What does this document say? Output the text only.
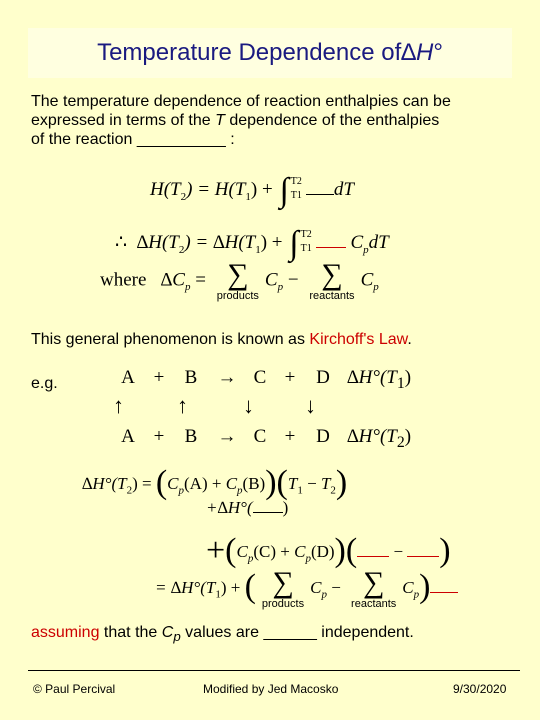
Temperature Dependence of ∆ H °
The temperature dependence of reaction enthalpies can be
expressed in terms of the T dependence of the enthalpies
of the reaction __________ :
$H(T_2) = H(T_1)$ + ∫ T2
T1 dT
∴ $\Delta H(T_2) = \Delta H(T_1)$ + ∫ T2
T1 $C_pdT$
where $\Delta C_p$ = ∑
products
$C_p$ − ∑
reactants
$C_p$
This general phenomenon is known as Kirchoff's Law.
e.g.	A +	B	→ C +	D $\Delta H^\circ(T_1)$
↑ ↑	↓ ↓
A +	B	→ C +	D $\Delta H^\circ(T_2)$
$\Delta H^\circ(T_2) = (C_p(A) + C_p(B))(T_1 - T_2)$
+∆H°( )
$+(C_p(C) + C_p(D))$( − )
= $\Delta H^\circ(T_1)$ + ( ∑
products
$C_p$ − ∑
reactants
$C_p$)
assuming that the $C_p$ values are ______ independent.
© Paul Percival	Modified by Jed Macosko	9/30/2020
